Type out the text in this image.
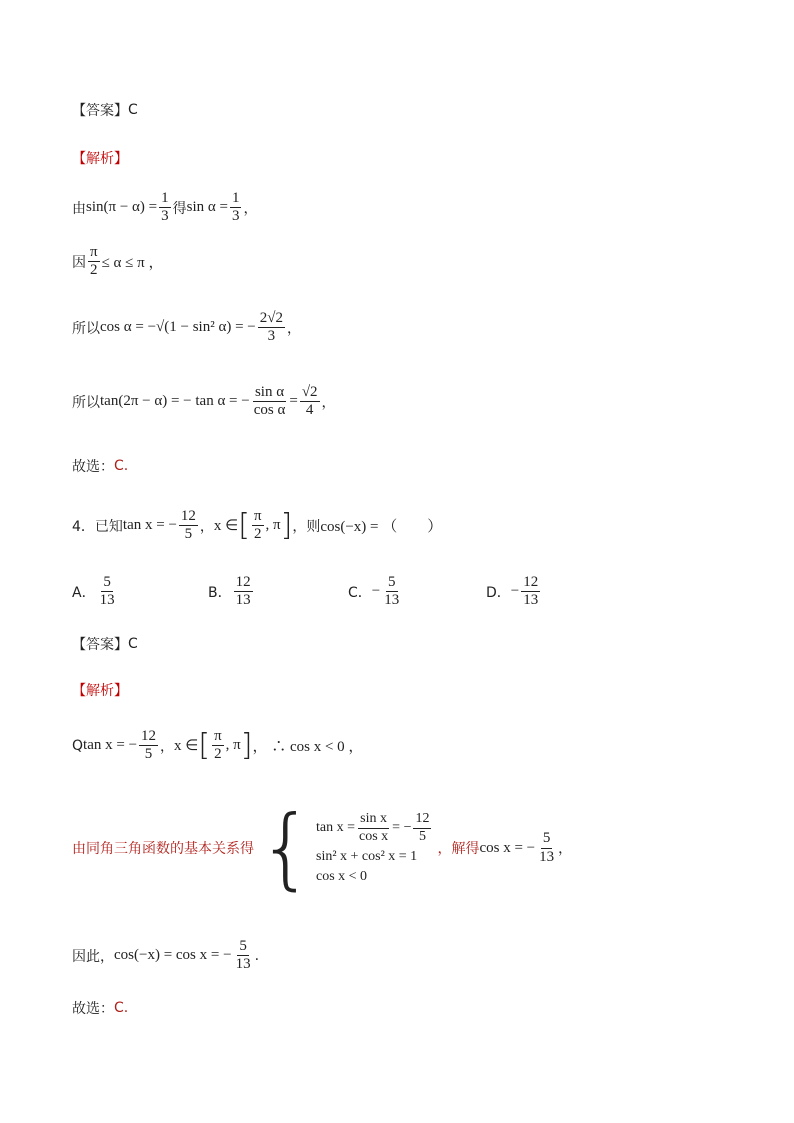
【答案】 C
【解析】
由 $\sin(\pi - \alpha) = \frac{1}{3}$ 得 $\sin \alpha = \frac{1}{3}$ ，
因 $\frac{\pi}{2} \le \alpha \le \pi$ ，
所以 cos α = −√(1 − sin² α) = − $\frac{2√2}{3}$ ，
所以 tan(2π − α) = − tan α = − $\frac{\text{sin α}}{\text{cos α}} = \frac{√2}{4}$ ，
故选： C.
4．已知 tan x = − $\frac{12}{5}$ ， x ∈ [ $\frac{\pi}{2}$ , π ] ，则 cos(−x) = （　　）
A． $\frac{5}{13}$	B． $\frac{12}{13}$	C． − $\frac{5}{13}$	D． − $\frac{12}{13}$
【答案】 C
【解析】
Q tan x = − $\frac{12}{5}$ ， x ∈ [ $\frac{\pi}{2}$ , π ] ， ∴ cos x < 0 ，
由同角三角函数的基本关系得 { $\tan x = \frac{\text{sin x}}{\text{cos x}}$ = − $\frac{12}{5}$
sin² x + cos² x = 1
cos x < 0
，解得 cos x = − $\frac{5}{13}$ ，
因此， cos(−x) = cos x = − $\frac{5}{13}$ .
故选： C.
